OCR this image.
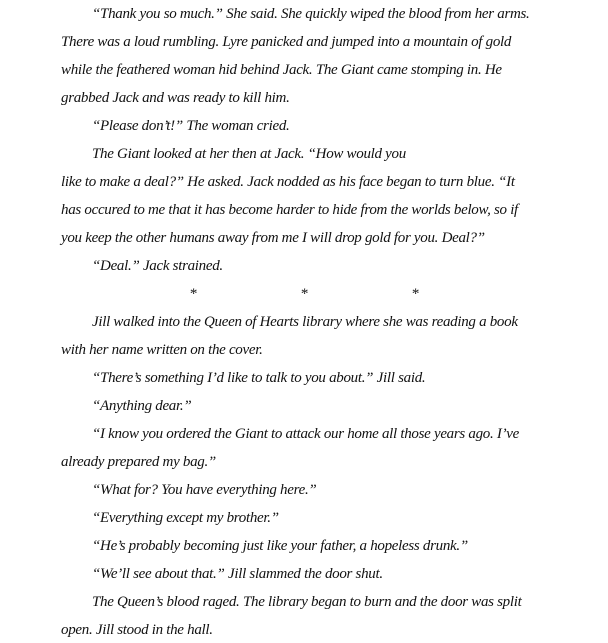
“Thank you so much.” She said. She quickly wiped the blood from her arms.
There was a loud rumbling. Lyre panicked and jumped into a mountain of gold
while the feathered woman hid behind Jack. The Giant came stomping in. He
grabbed Jack and was ready to kill him.
“Please don’t!” The woman cried.
The Giant looked at her then at Jack. “How would you
like to make a deal?” He asked. Jack nodded as his face began to turn blue. “It
has occured to me that it has become harder to hide from the worlds below, so if
you keep the other humans away from me I will drop gold for you. Deal?”
“Deal.” Jack strained.
*	*	*
Jill walked into the Queen of Hearts library where she was reading a book
with her name written on the cover.
“There’s something I’d like to talk to you about.” Jill said.
“Anything dear.”
“I know you ordered the Giant to attack our home all those years ago. I’ve
already prepared my bag.”
“What for? You have everything here.”
“Everything except my brother.”
“He’s probably becoming just like your father, a hopeless drunk.”
“We’ll see about that.” Jill slammed the door shut.
The Queen’s blood raged. The library began to burn and the door was split
open. Jill stood in the hall.
